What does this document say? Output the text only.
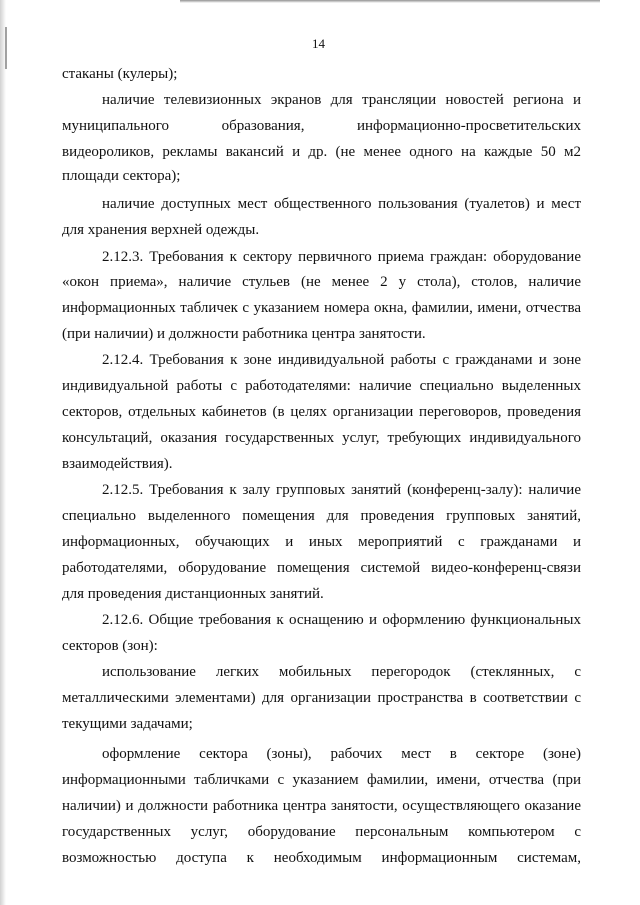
14
стаканы (кулеры);
наличие телевизионных экранов для трансляции новостей региона и
муниципального образования, информационно-просветительских
видеороликов, рекламы вакансий и др. (не менее одного на каждые 50 м2
площади сектора);
наличие доступных мест общественного пользования (туалетов) и мест
для хранения верхней одежды.
2.12.3. Требования к сектору первичного приема граждан: оборудование
«окон приема», наличие стульев (не менее 2 у стола), столов, наличие
информационных табличек с указанием номера окна, фамилии, имени, отчества
(при наличии) и должности работника центра занятости.
2.12.4. Требования к зоне индивидуальной работы с гражданами и зоне
индивидуальной работы с работодателями: наличие специально выделенных
секторов, отдельных кабинетов (в целях организации переговоров, проведения
консультаций, оказания государственных услуг, требующих индивидуального
взаимодействия).
2.12.5. Требования к залу групповых занятий (конференц-залу): наличие
специально выделенного помещения для проведения групповых занятий,
информационных, обучающих и иных мероприятий с гражданами и
работодателями, оборудование помещения системой видео-конференц-связи
для проведения дистанционных занятий.
2.12.6. Общие требования к оснащению и оформлению функциональных
секторов (зон):
использование легких мобильных перегородок (стеклянных, с
металлическими элементами) для организации пространства в соответствии с
текущими задачами;
оформление сектора (зоны), рабочих мест в секторе (зоне)
информационными табличками с указанием фамилии, имени, отчества (при
наличии) и должности работника центра занятости, осуществляющего оказание
государственных услуг, оборудование персональным компьютером с
возможностью доступа к необходимым информационным системам,
